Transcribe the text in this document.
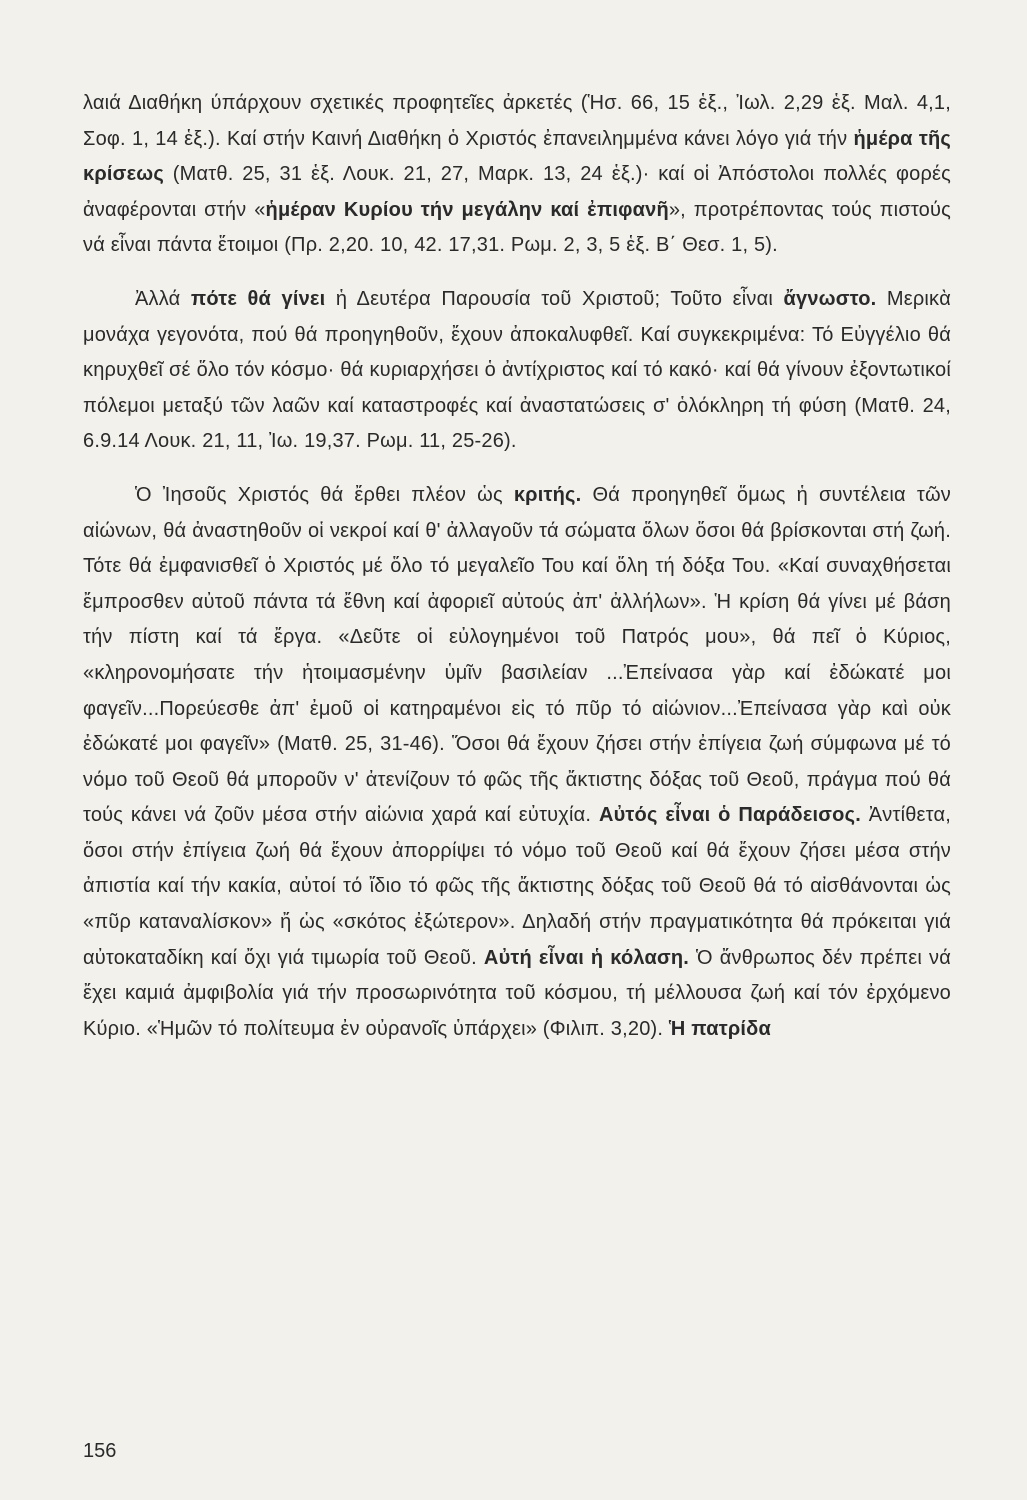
λαιά Διαθήκη ύπάρχουν σχετικές προφητεῖες ἀρκετές (Ἡσ. 66, 15 ἑξ., Ἰωλ. 2,29 ἑξ. Μαλ. 4,1, Σοφ. 1, 14 ἑξ.). Καί στήν Καινή Διαθήκη ὁ Χριστός ἐπανειλημμένα κάνει λόγο γιά τήν ἡμέρα τῆς κρίσεως (Ματθ. 25, 31 ἑξ. Λουκ. 21, 27, Μαρκ. 13, 24 ἑξ.)· καί οἱ Ἀπόστολοι πολλές φορές ἀναφέρονται στήν «ἡμέραν Κυρίου τήν μεγάλην καί ἐπιφανῆ», προτρέποντας τούς πιστούς νά εἶναι πάντα ἕτοιμοι (Πρ. 2,20. 10, 42. 17,31. Ρωμ. 2, 3, 5 ἑξ. Β΄ Θεσ. 1, 5).

Ἀλλά πότε θά γίνει ἡ Δευτέρα Παρουσία τοῦ Χριστοῦ; Τοῦτο εἶναι ἄγνωστο. Μερικὰ μονάχα γεγονότα, πού θά προηγηθοῦν, ἔχουν ἀποκαλυφθεῖ. Καί συγκεκριμένα: Τό Εὐγγέλιο θά κηρυχθεῖ σέ ὅλο τόν κόσμο· θά κυριαρχήσει ὁ ἀντίχριστος καί τό κακό· καί θά γίνουν ἐξοντωτικοί πόλεμοι μεταξύ τῶν λαῶν καί καταστροφές καί ἀναστατώσεις σ' ὁλόκληρη τή φύση (Ματθ. 24, 6.9.14 Λουκ. 21, 11, Ἰω. 19,37. Ρωμ. 11, 25-26).

Ὁ Ἰησοῦς Χριστός θά ἔρθει πλέον ὡς κριτής. Θά προηγηθεῖ ὅμως ἡ συντέλεια τῶν αἰώνων, θά ἀναστηθοῦν οἱ νεκροί καί θ' ἀλλαγοῦν τά σώματα ὅλων ὅσοι θά βρίσκονται στή ζωή. Τότε θά ἐμφανισθεῖ ὁ Χριστός μέ ὅλο τό μεγαλεῖο Του καί ὅλη τή δόξα Του. «Καί συναχθήσεται ἔμπροσθεν αὐτοῦ πάντα τά ἔθνη καί ἀφοριεῖ αὐτούς ἀπ' ἀλλήλων». Ἡ κρίση θά γίνει μέ βάση τήν πίστη καί τά ἔργα. «Δεῦτε οἱ εὐλογημένοι τοῦ Πατρός μου», θά πεῖ ὁ Κύριος, «κληρονομήσατε τήν ἡτοιμασμένην ὑμῖν βασιλείαν ...Ἐπείνασα γὰρ καί ἐδώκατέ μοι φαγεῖν...Πορεύεσθε ἀπ' ἐμοῦ οἱ κατηραμένοι εἰς τό πῦρ τό αἰώνιον...Ἐπείνασα γὰρ καὶ οὐκ ἐδώκατέ μοι φαγεῖν» (Ματθ. 25, 31-46). Ὅσοι θά ἔχουν ζήσει στήν ἐπίγεια ζωή σύμφωνα μέ τό νόμο τοῦ Θεοῦ θά μποροῦν ν' ἀτενίζουν τό φῶς τῆς ἄκτιστης δόξας τοῦ Θεοῦ, πράγμα πού θά τούς κάνει νά ζοῦν μέσα στήν αἰώνια χαρά καί εὐτυχία. Αὐτός εἶναι ὁ Παράδεισος. Ἀντίθετα, ὅσοι στήν ἐπίγεια ζωή θά ἔχουν ἀπορρίψει τό νόμο τοῦ Θεοῦ καί θά ἔχουν ζήσει μέσα στήν ἀπιστία καί τήν κακία, αὐτοί τό ἴδιο τό φῶς τῆς ἄκτιστης δόξας τοῦ Θεοῦ θά τό αἰσθάνονται ὡς «πῦρ καταναλίσκον» ἤ ὡς «σκότος ἐξώτερον». Δηλαδή στήν πραγματικότητα θά πρόκειται γιά αὐτοκαταδίκη καί ὄχι γιά τιμωρία τοῦ Θεοῦ. Αὐτή εἶναι ἡ κόλαση. Ὁ ἄνθρωπος δέν πρέπει νά ἔχει καμιά ἀμφιβολία γιά τήν προσωρινότητα τοῦ κόσμου, τή μέλλουσα ζωή καί τόν ἐρχόμενο Κύριο. «Ἡμῶν τό πολίτευμα ἐν οὐρανοῖς ὑπάρχει» (Φιλιπ. 3,20). Ἡ πατρίδα

156
